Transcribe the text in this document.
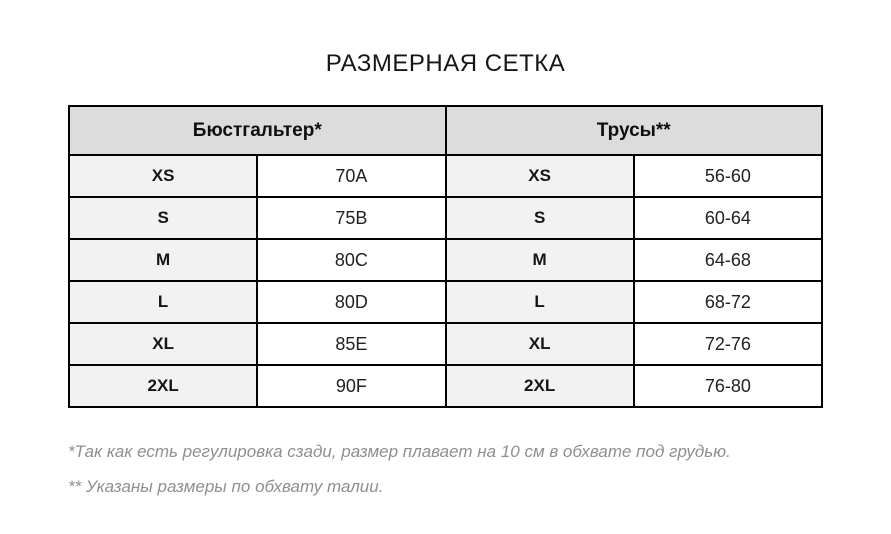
РАЗМЕРНАЯ СЕТКА
Бюстгальтер*		Трусы**	
XS	70A	XS	56-60
S	75B	S	60-64
M	80C	M	64-68
L	80D	L	68-72
XL	85E	XL	72-76
2XL	90F	2XL	76-80

*Так как есть регулировка сзади, размер плавает на 10 см в обхвате под грудью.

** Указаны размеры по обхвату талии.
